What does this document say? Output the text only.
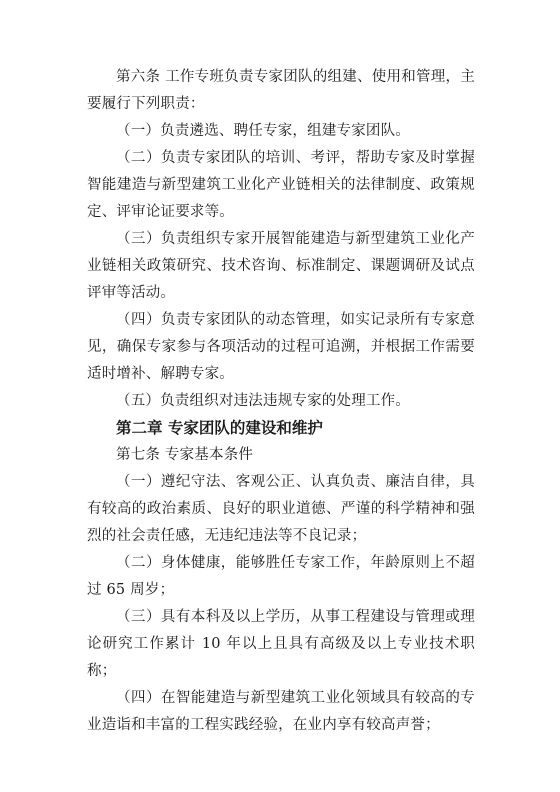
第六条 工作专班负责专家团队的组建、使用和管理，主要履行下列职责：

（一）负责遴选、聘任专家，组建专家团队。

（二）负责专家团队的培训、考评，帮助专家及时掌握智能建造与新型建筑工业化产业链相关的法律制度、政策规定、评审论证要求等。

（三）负责组织专家开展智能建造与新型建筑工业化产业链相关政策研究、技术咨询、标准制定、课题调研及试点评审等活动。

（四）负责专家团队的动态管理，如实记录所有专家意见，确保专家参与各项活动的过程可追溯，并根据工作需要适时增补、解聘专家。

（五）负责组织对违法违规专家的处理工作。

第二章 专家团队的建设和维护

第七条 专家基本条件

（一）遵纪守法、客观公正、认真负责、廉洁自律，具有较高的政治素质、良好的职业道德、严谨的科学精神和强烈的社会责任感，无违纪违法等不良记录；

（二）身体健康，能够胜任专家工作，年龄原则上不超过 65 周岁；

（三）具有本科及以上学历，从事工程建设与管理或理论研究工作累计 10 年以上且具有高级及以上专业技术职称；

（四）在智能建造与新型建筑工业化领域具有较高的专业造诣和丰富的工程实践经验，在业内享有较高声誉；
